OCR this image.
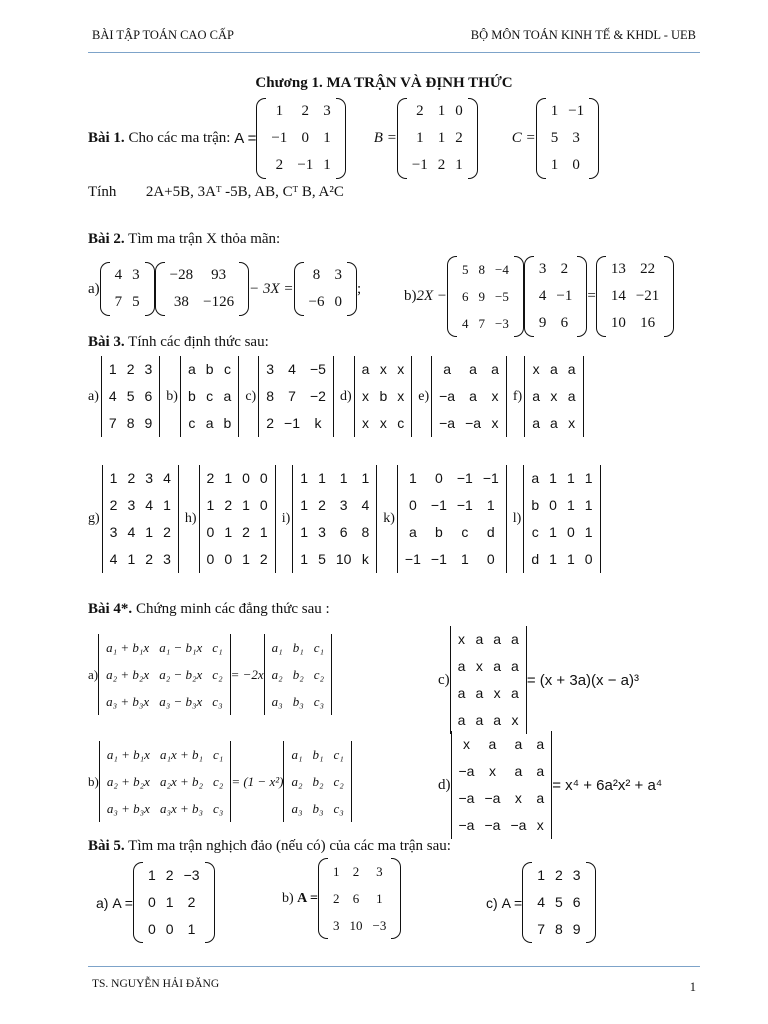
BÀI TẬP TOÁN CAO CẤP	BỘ MÔN TOÁN KINH TẾ & KHDL - UEB
Chương 1. MA TRẬN VÀ ĐỊNH THỨC
Bài 1.
Cho các ma trận:
A =
1	2	3
−1	0	1
2	−1	1
B =
2	1	0
1	1	2
−1	2	1
C =
1	−1
5	3
1	0
Tính 2A+5B, 3Aᵀ -5B, AB, Cᵀ B, A²C
Bài 2. Tìm ma trận X thỏa mãn:
a)
4	3
7	5
−28	93
38	−126
− 3X =
8	3
−6	0
;	b) 2X −
5	8	−4
6	9	−5
4	7	−3
3	2
4	−1
9	6
=
13	22
14	−21
10	16
Bài 3. Tính các định thức sau:
a)
1	2	3
4	5	6
7	8	9
b)
a	b	c
b	c	a
c	a	b
c)
3	4	−5
8	7	−2
2	−1	k
d)
a	x	x
x	b	x
x	x	c
e)
a	a	a
−a	a	x
−a	−a	x
f)
x	a	a
a	x	a
a	a	x
g)
1	2	3	4
2	3	4	1
3	4	1	2
4	1	2	3
h)
2	1	0	0
1	2	1	0
0	1	2	1
0	0	1	2
i)
1	1	1	1
1	2	3	4
1	3	6	8
1	5	10	k
k)
1	0	−1	−1
0	−1	−1	1
a	b	c	d
−1	−1	1	0
l)
a	1	1	1
b	0	1	1
c	1	0	1
d	1	1	0
Bài 4*. Chứng minh các đẳng thức sau :
a)
a₁ + b₁x	a₁ − b₁x	c₁
a₂ + b₂x	a₂ − b₂x	c₂
a₃ + b₃x	a₃ − b₃x	c₃
= −2x
a₁	b₁	c₁
a₂	b₂	c₂
a₃	b₃	c₃
c)
x	a	a	a
a	x	a	a
a	a	x	a
a	a	a	x
= (x + 3a)(x − a)³
b)
a₁ + b₁x	a₁x + b₁	c₁
a₂ + b₂x	a₂x + b₂	c₂
a₃ + b₃x	a₃x + b₃	c₃
= (1 − x²)
a₁	b₁	c₁
a₂	b₂	c₂
a₃	b₃	c₃
d)
x	a	a	a
−a	x	a	a
−a	−a	x	a
−a	−a	−a	x
= x⁴ + 6a²x² + a⁴
Bài 5. Tìm ma trận nghịch đảo (nếu có) của các ma trận sau:
a)
A =
1	2	−3
0	1	2
0	0	1
b)
A =
1	2	3
2	6	1
3	10	−3
c)
A =
1	2	3
4	5	6
7	8	9
TS. NGUYỄN HẢI ĐĂNG	1
